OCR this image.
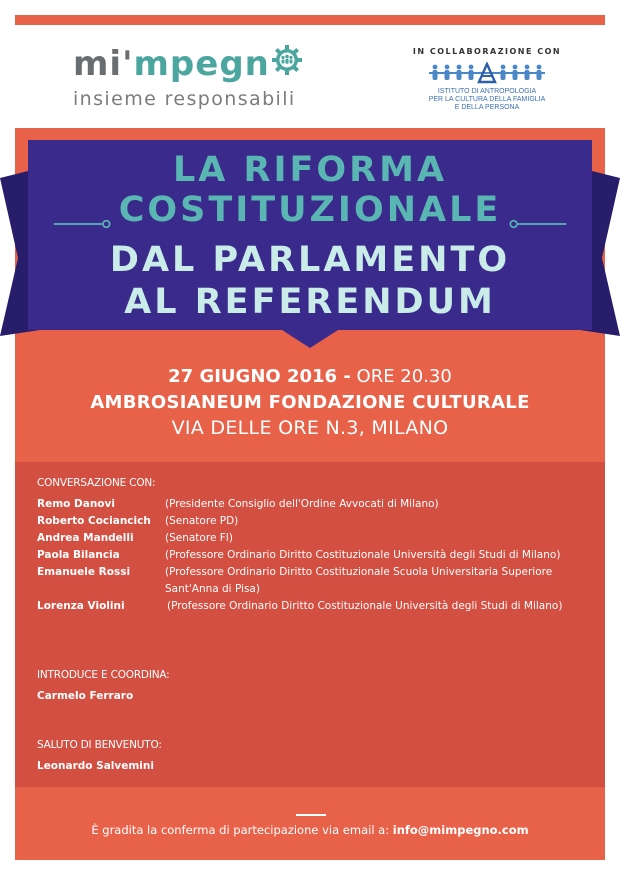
mi'mpegn
insieme responsabili
IN COLLABORAZIONE CON
ISTITUTO DI ANTROPOLOGIA
PER LA CULTURA DELLA FAMIGLIA
E DELLA PERSONA
LA RIFORMA
COSTITUZIONALE
DAL PARLAMENTO
AL REFERENDUM
27 GIUGNO 2016 - ORE 20.30
AMBROSIANEUM FONDAZIONE CULTURALE
VIA DELLE ORE N.3, MILANO
CONVERSAZIONE CON:
Remo Danovi	(Presidente Consiglio dell'Ordine Avvocati di Milano)
Roberto Cociancich (Senatore PD)
Andrea Mandelli	(Senatore FI)
Paola Bilancia	(Professore Ordinario Diritto Costituzionale Università degli Studi di Milano)
Emanuele Rossi	(Professore Ordinario Diritto Costituzionale Scuola Universitaria Superiore Sant'Anna di Pisa)
Lorenza Violini	(Professore Ordinario Diritto Costituzionale Università degli Studi di Milano)
INTRODUCE E COORDINA:
Carmelo Ferraro
SALUTO DI BENVENUTO:
Leonardo Salvemini
È gradita la conferma di partecipazione via email a: info@mimpegno.com
